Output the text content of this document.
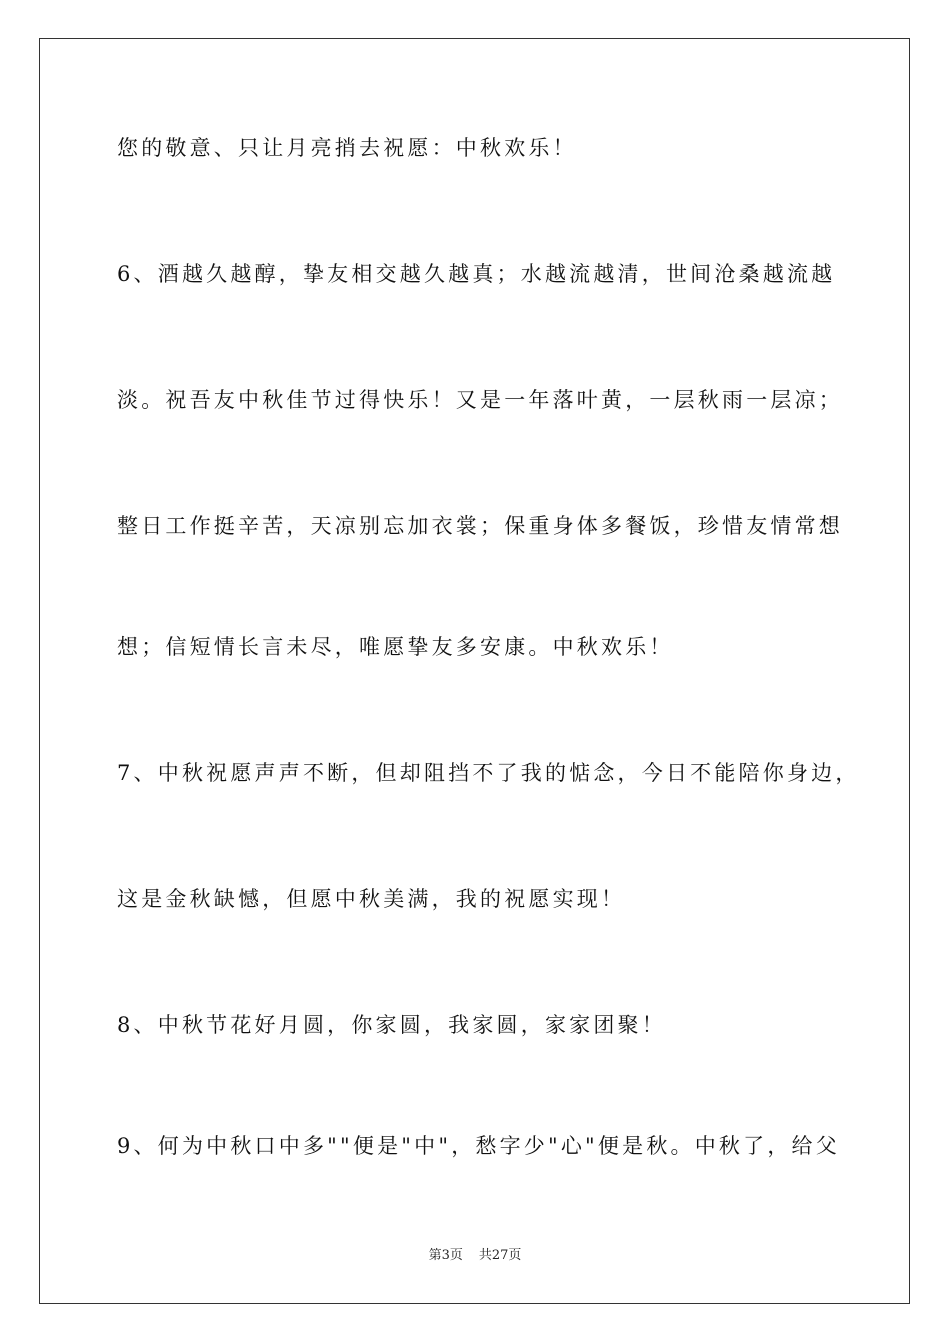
您的敬意、只让月亮捎去祝愿：中秋欢乐！
6、酒越久越醇，挚友相交越久越真；水越流越清，世间沧桑越流越
淡。祝吾友中秋佳节过得快乐！又是一年落叶黄，一层秋雨一层凉；
整日工作挺辛苦，天凉别忘加衣裳；保重身体多餐饭，珍惜友情常想
想；信短情长言未尽，唯愿挚友多安康。中秋欢乐！
7、中秋祝愿声声不断，但却阻挡不了我的惦念，今日不能陪你身边，
这是金秋缺憾，但愿中秋美满，我的祝愿实现！
8、中秋节花好月圆，你家圆，我家圆，家家团聚！
9、何为中秋口中多""便是"中"，愁字少"心"便是秋。中秋了，给父
第3页 共27页
